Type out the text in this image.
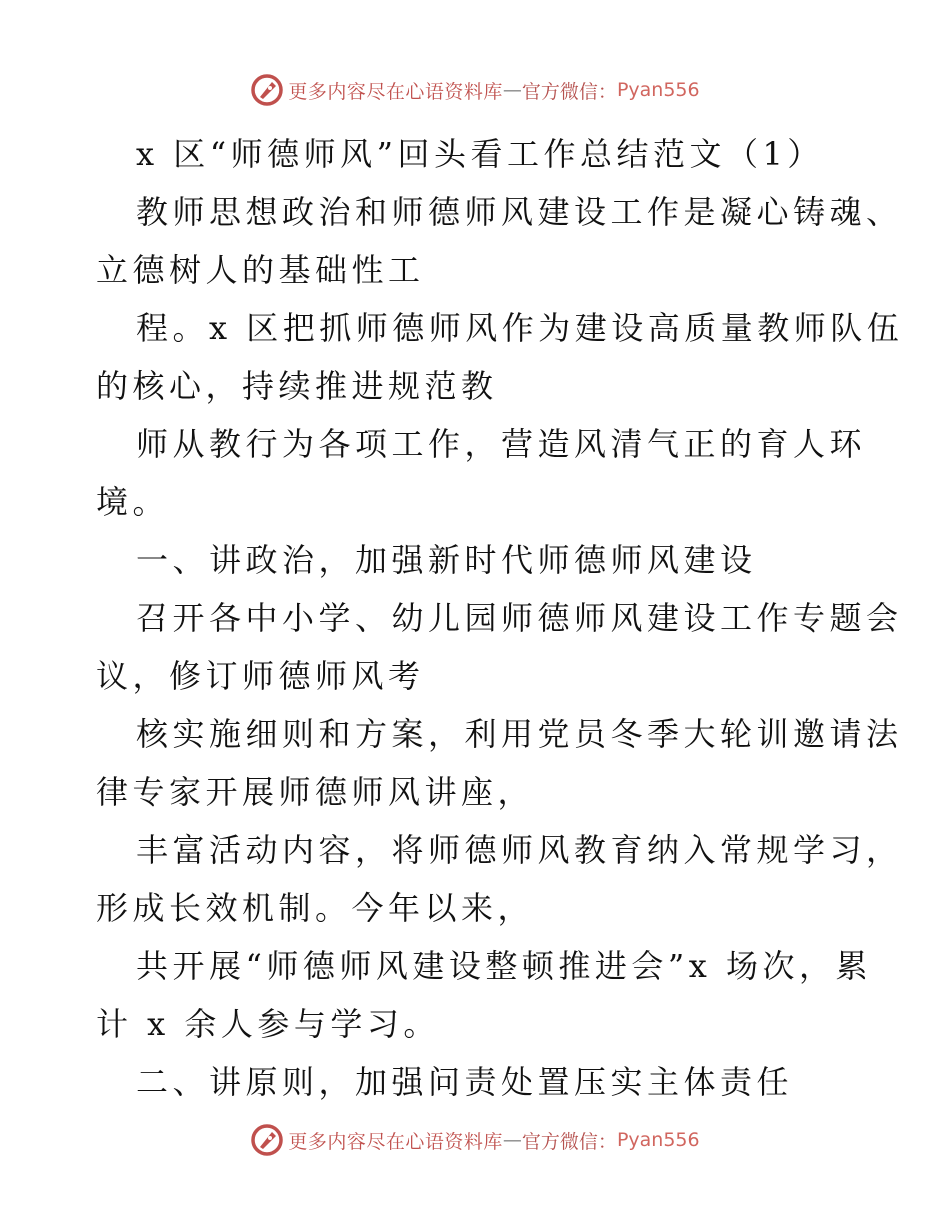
更多内容尽在心语资料库 — 官方微信： Pyan556
x 区“师德师风”回头看工作总结范文（1）
教师思想政治和师德师风建设工作是凝心铸魂、
立德树人的基础性工
程。x 区把抓师德师风作为建设高质量教师队伍
的核心，持续推进规范教
师从教行为各项工作，营造风清气正的育人环
境。
一、讲政治，加强新时代师德师风建设
召开各中小学、幼儿园师德师风建设工作专题会
议，修订师德师风考
核实施细则和方案，利用党员冬季大轮训邀请法
律专家开展师德师风讲座，
丰富活动内容，将师德师风教育纳入常规学习，
形成长效机制。今年以来，
共开展“师德师风建设整顿推进会”x 场次，累
计 x 余人参与学习。
二、讲原则，加强问责处置压实主体责任
更多内容尽在心语资料库 — 官方微信： Pyan556
